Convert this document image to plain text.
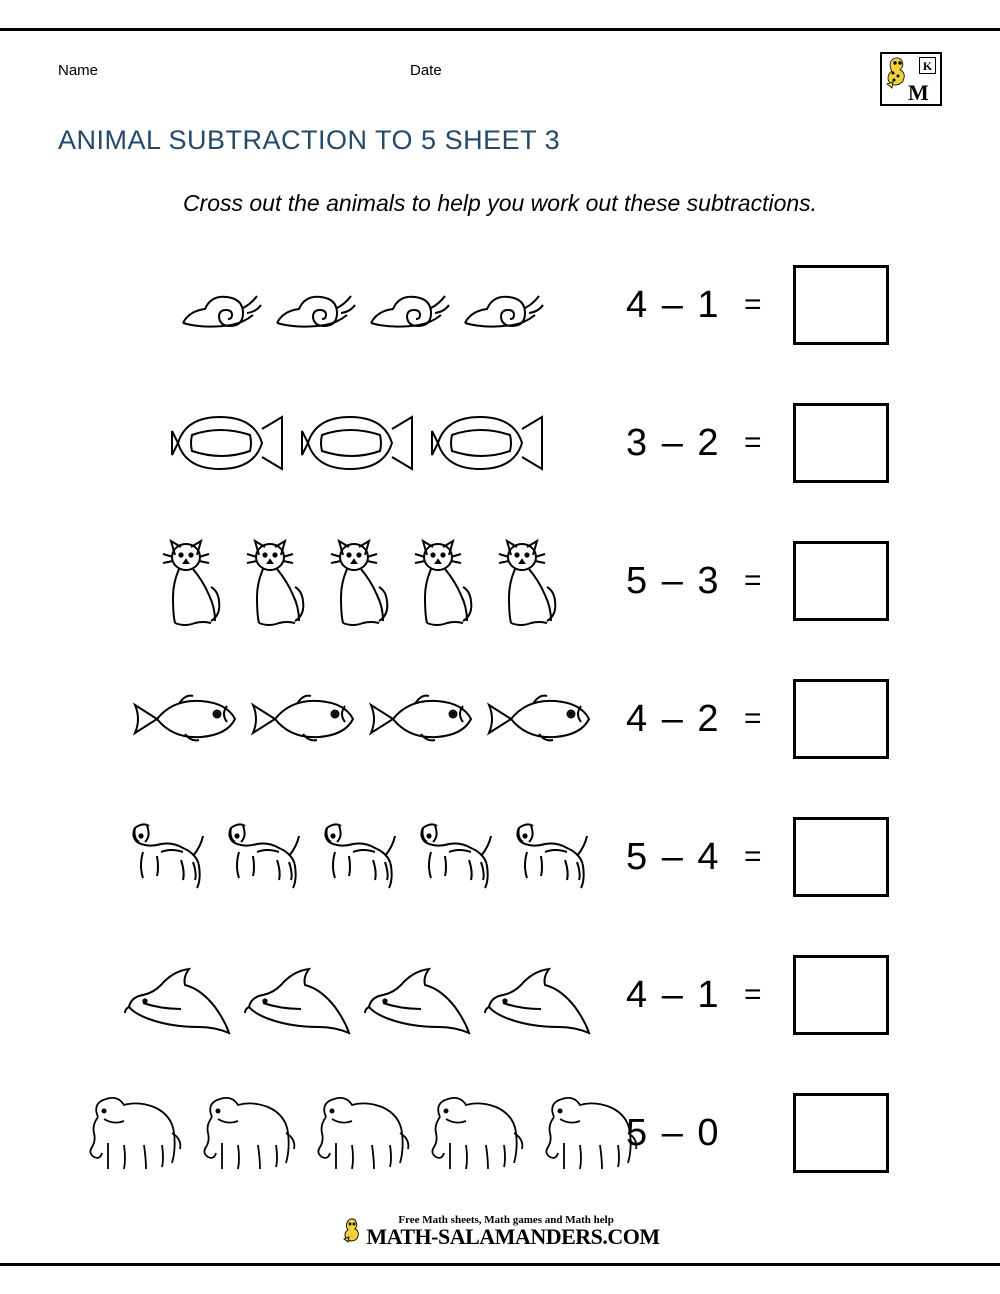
Name	Date
M
K
ANIMAL SUBTRACTION TO 5 SHEET 3
Cross out the animals to help you work out these subtractions.
4 – 1 =
3 – 2 =
5 – 3 =
4 – 2 =
5 – 4 =
4 – 1 =
5 – 0
Free Math sheets, Math games and Math help
MATH-SALAMANDERS.COM
